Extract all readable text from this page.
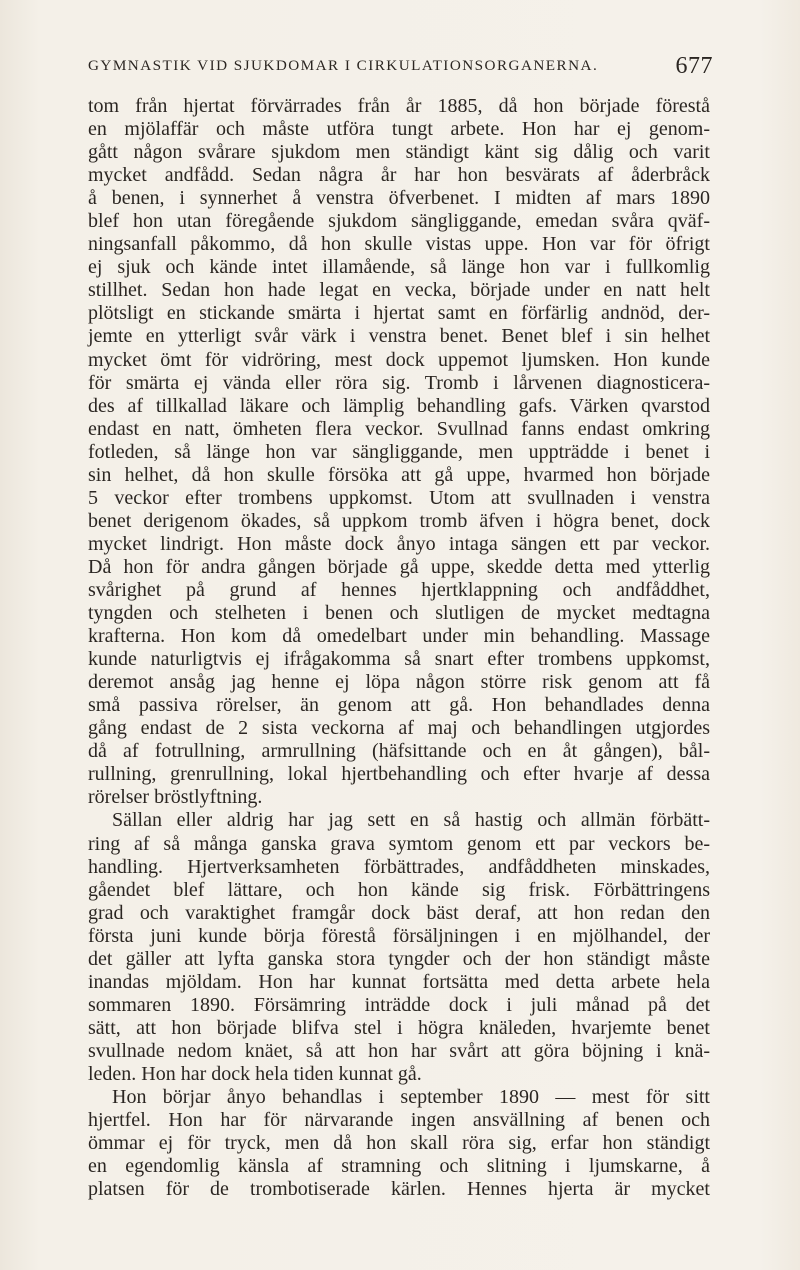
GYMNASTIK VID SJUKDOMAR I CIRKULATIONSORGANERNA.	677
tom från hjertat förvärrades från år 1885, då hon började förestå
en mjölaffär och måste utföra tungt arbete. Hon har ej genom-
gått någon svårare sjukdom men ständigt känt sig dålig och varit
mycket andfådd. Sedan några år har hon besvärats af åderbråck
å benen, i synnerhet å venstra öfverbenet. I midten af mars 1890
blef hon utan föregående sjukdom sängliggande, emedan svåra qväf-
ningsanfall påkommo, då hon skulle vistas uppe. Hon var för öfrigt
ej sjuk och kände intet illamående, så länge hon var i fullkomlig
stillhet. Sedan hon hade legat en vecka, började under en natt helt
plötsligt en stickande smärta i hjertat samt en förfärlig andnöd, der-
jemte en ytterligt svår värk i venstra benet. Benet blef i sin helhet
mycket ömt för vidröring, mest dock uppemot ljumsken. Hon kunde
för smärta ej vända eller röra sig. Tromb i lårvenen diagnosticera-
des af tillkallad läkare och lämplig behandling gafs. Värken qvarstod
endast en natt, ömheten flera veckor. Svullnad fanns endast omkring
fotleden, så länge hon var sängliggande, men uppträdde i benet i
sin helhet, då hon skulle försöka att gå uppe, hvarmed hon började
5 veckor efter trombens uppkomst. Utom att svullnaden i venstra
benet derigenom ökades, så uppkom tromb äfven i högra benet, dock
mycket lindrigt. Hon måste dock ånyo intaga sängen ett par veckor.
Då hon för andra gången började gå uppe, skedde detta med ytterlig
svårighet på grund af hennes hjertklappning och andfåddhet,
tyngden och stelheten i benen och slutligen de mycket medtagna
krafterna. Hon kom då omedelbart under min behandling. Massage
kunde naturligtvis ej ifrågakomma så snart efter trombens uppkomst,
deremot ansåg jag henne ej löpa någon större risk genom att få
små passiva rörelser, än genom att gå. Hon behandlades denna
gång endast de 2 sista veckorna af maj och behandlingen utgjordes
då af fotrullning, armrullning (häfsittande och en åt gången), bål-
rullning, grenrullning, lokal hjertbehandling och efter hvarje af dessa
rörelser bröstlyftning.
Sällan eller aldrig har jag sett en så hastig och allmän förbätt-
ring af så många ganska grava symtom genom ett par veckors be-
handling. Hjertverksamheten förbättrades, andfåddheten minskades,
gåendet blef lättare, och hon kände sig frisk. Förbättringens
grad och varaktighet framgår dock bäst deraf, att hon redan den
första juni kunde börja förestå försäljningen i en mjölhandel, der
det gäller att lyfta ganska stora tyngder och der hon ständigt måste
inandas mjöldam. Hon har kunnat fortsätta med detta arbete hela
sommaren 1890. Försämring inträdde dock i juli månad på det
sätt, att hon började blifva stel i högra knäleden, hvarjemte benet
svullnade nedom knäet, så att hon har svårt att göra böjning i knä-
leden. Hon har dock hela tiden kunnat gå.
Hon börjar ånyo behandlas i september 1890 — mest för sitt
hjertfel. Hon har för närvarande ingen ansvällning af benen och
ömmar ej för tryck, men då hon skall röra sig, erfar hon ständigt
en egendomlig känsla af stramning och slitning i ljumskarne, å
platsen för de trombotiserade kärlen. Hennes hjerta är mycket
